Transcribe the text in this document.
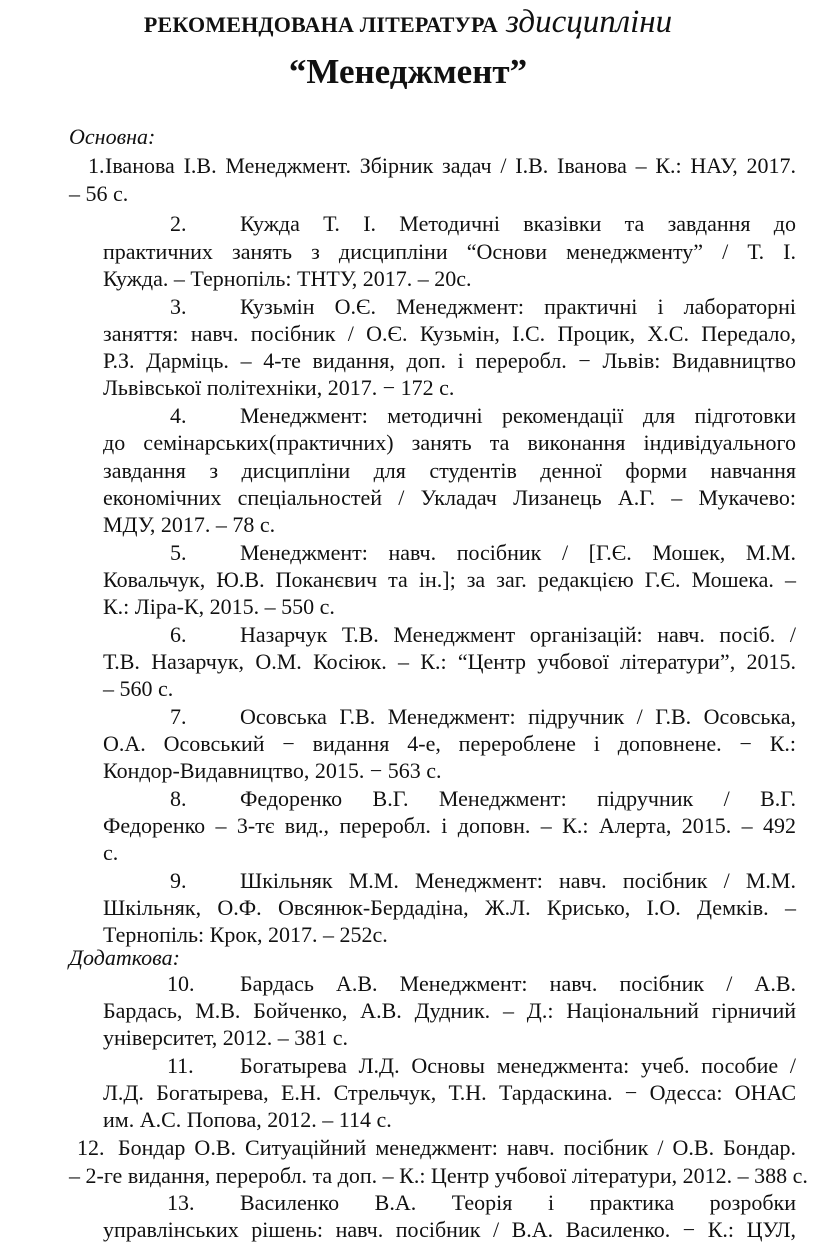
РЕКОМЕНДОВАНА ЛІТЕРАТУРА здисципліни
“Менеджмент”
Основна:
1. Іванова І.В. Менеджмент. Збірник задач / І.В. Іванова – К.: НАУ, 2017.
– 56 с.
2. Кужда Т. І. Методичні вказівки та завдання до
практичних занять з дисципліни “Основи менеджменту” / Т. І.
Кужда. – Тернопіль: ТНТУ, 2017. – 20с.
3. Кузьмін О.Є. Менеджмент: практичні і лабораторні
заняття: навч. посібник / О.Є. Кузьмін, І.С. Процик, Х.С. Передало,
Р.З. Дарміць. – 4-те видання, доп. і переробл. − Львів: Видавництво
Львівської політехніки, 2017. − 172 с.
4. Менеджмент: методичні рекомендації для підготовки
до семінарських(практичних) занять та виконання індивідуального
завдання з дисципліни для студентів денної форми навчання
економічних спеціальностей / Укладач Лизанець А.Г. – Мукачево:
МДУ, 2017. – 78 с.
5. Менеджмент: навч. посібник / [Г.Є. Мошек, М.М.
Ковальчук, Ю.В. Поканєвич та ін.]; за заг. редакцією Г.Є. Мошека. –
К.: Ліра-К, 2015. – 550 с.
6. Назарчук Т.В. Менеджмент організацій: навч. посіб. /
Т.В. Назарчук, О.М. Косіюк. – К.: “Центр учбової літератури”, 2015.
– 560 с.
7. Осовська Г.В. Менеджмент: підручник / Г.В. Осовська,
О.А. Осовський − видання 4-е, перероблене і доповнене. − К.:
Кондор-Видавництво, 2015. − 563 с.
8. Федоренко В.Г. Менеджмент: підручник / В.Г.
Федоренко – 3-тє вид., переробл. і доповн. – К.: Алерта, 2015. – 492
с.
9. Шкільняк М.М. Менеджмент: навч. посібник / М.М.
Шкільняк, О.Ф. Овсянюк-Бердадіна, Ж.Л. Крисько, І.О. Демків. –
Тернопіль: Крок, 2017. – 252с.
Додаткова:
10. Бардась А.В. Менеджмент: навч. посібник / А.В.
Бардась, М.В. Бойченко, А.В. Дудник. – Д.: Національний гірничий
університет, 2012. – 381 с.
11. Богатырева Л.Д. Основы менеджмента: учеб. пособие /
Л.Д. Богатырева, Е.Н. Стрельчук, Т.Н. Тардаскина. − Одесса: ОНАС
им. А.С. Попова, 2012. – 114 с.
12. Бондар О.В. Ситуаційний менеджмент: навч. посібник / О.В. Бондар.
– 2-ге видання, переробл. та доп. – К.: Центр учбової літератури, 2012. – 388 с.
13. Василенко В.А. Теорія і практика розробки
управлінських рішень: навч. посібник / В.А. Василенко. − К.: ЦУЛ,
